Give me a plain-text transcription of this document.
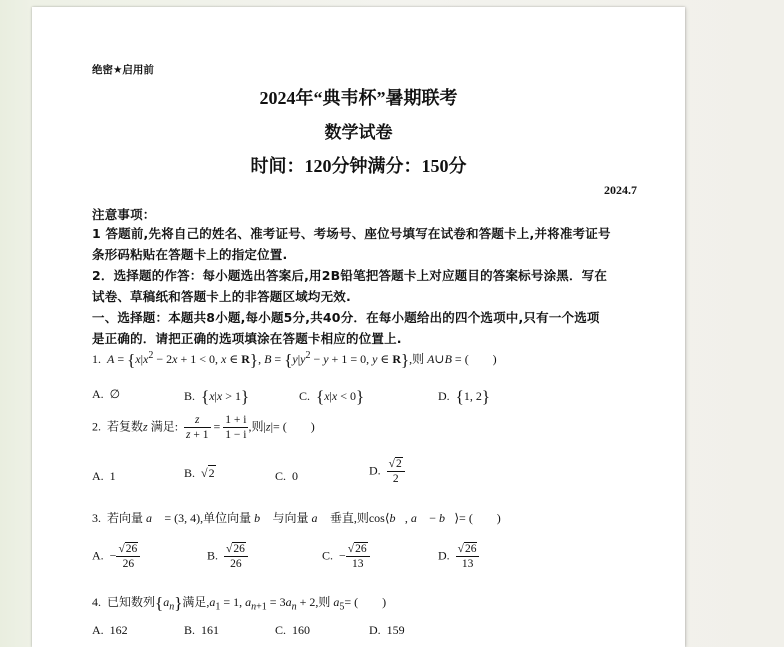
绝密★启用前
2024年“典韦杯”暑期联考
数学试卷
时间：120分钟满分：150分
2024.7
注意事项：
1 答题前,先将自己的姓名、准考证号、考场号、座位号填写在试卷和答题卡上,并将准考证号
条形码粘贴在答题卡上的指定位置.
2．选择题的作答：每小题选出答案后,用2B铅笔把答题卡上对应题目的答案标号涂黑．写在
试卷、草稿纸和答题卡上的非答题区域均无效.
一、选择题：本题共8小题,每小题5分,共40分．在每小题给出的四个选项中,只有一个选项
是正确的．请把正确的选项填涂在答题卡相应的位置上.
1. $A = \{x|x^2 - 2x + 1 < 0$, x ∈ R}, $B = \{y|y^2 - y + 1 = 0$, y ∈ R},则 A∪B = (　　)
A. ∅	B. {x|x > 1}	C. {x|x < 0}	D. {1, 2}
2. 若复数z 满足: $\frac{z}{z + 1} = \frac{1 + i}{1 - i}$ ,则|z|= (　　)
A. 1	B. √2	C. 0	D. $\frac{√2}{2}$
3. 若向量 a⃗ = (3, 4),单位向量 b⃗ 与向量 a⃗ 垂直,则cos⟨b⃗, a⃗ − b⃗⟩= (　　)
A.  − $\frac{√26}{26}$	B. $\frac{√26}{26}$	C.  − $\frac{√26}{13}$	D. $\frac{√26}{13}$
4. 已知数列$\{a_n\}$满足$,a_1 = 1$, $a_{n+1} = 3a_n + 2$,则 $a_5=$ (　　)
A. 162	B. 161	C. 160	D. 159
